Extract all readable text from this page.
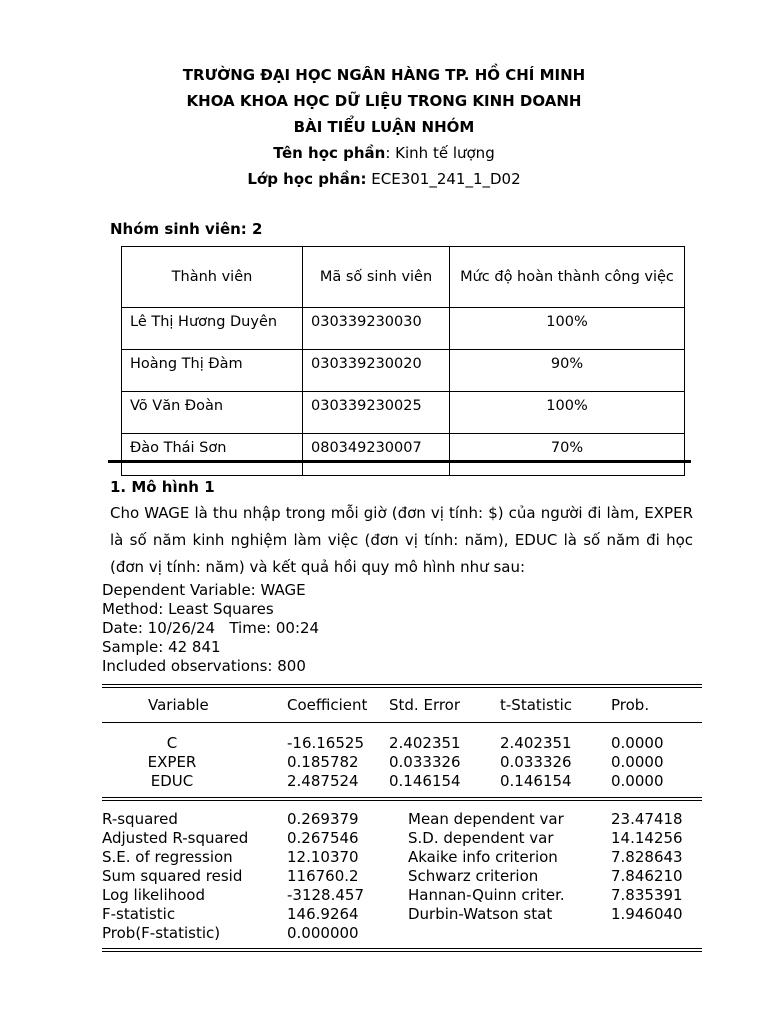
TRƯỜNG ĐẠI HỌC NGÂN HÀNG TP. HỒ CHÍ MINH
KHOA KHOA HỌC DỮ LIỆU TRONG KINH DOANH
BÀI TIỂU LUẬN NHÓM
Tên học phần: Kinh tế lượng
Lớp học phần: ECE301_241_1_D02
Nhóm sinh viên: 2
Thành viên	Mã số sinh viên	Mức độ hoàn thành công việc
Lê Thị Hương Duyên	030339230030	100%
Hoàng Thị Đàm	030339230020	90%
Võ Văn Đoàn	030339230025	100%
Đào Thái Sơn	080349230007	70%
1. Mô hình 1
Cho WAGE là thu nhập trong mỗi giờ (đơn vị tính: $) của người đi làm, EXPER là số năm kinh nghiệm làm việc (đơn vị tính: năm), EDUC là số năm đi học (đơn vị tính: năm) và kết quả hồi quy mô hình như sau:
Dependent Variable: WAGE
Method: Least Squares
Date: 10/26/24   Time: 00:24
Sample: 42 841
Included observations: 800
Variable	Coefficient Std. Error	t-Statistic	Prob.
C	-16.16525 2.402351	2.402351	0.0000
EXPER	0.185782 0.033326	0.033326	0.0000
EDUC	2.487524 0.146154	0.146154	0.0000
R-squared	0.269379	Mean dependent var	23.47418
Adjusted R-squared	0.267546	S.D. dependent var	14.14256
S.E. of regression	12.10370	Akaike info criterion	7.828643
Sum squared resid	116760.2	Schwarz criterion	7.846210
Log likelihood	-3128.457	Hannan-Quinn criter.	7.835391
F-statistic	146.9264	Durbin-Watson stat	1.946040
Prob(F-statistic)	0.000000
